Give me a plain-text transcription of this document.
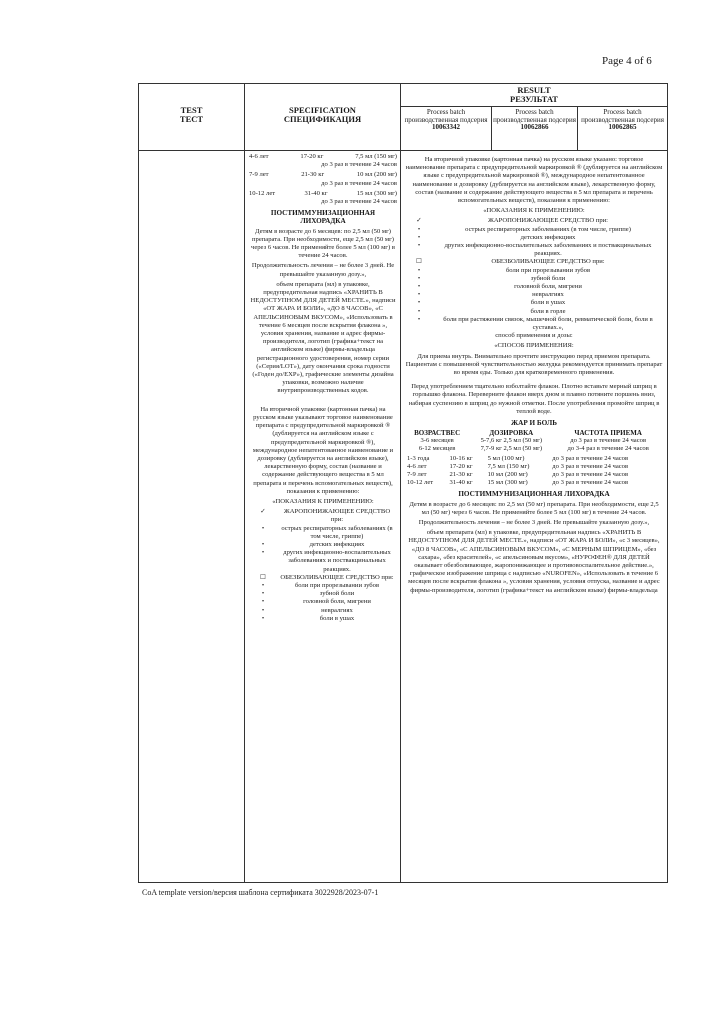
Page 4 of 6
TEST
ТЕСТ
SPECIFICATION
СПЕЦИФИКАЦИЯ
RESULT
РЕЗУЛЬТАТ
Process batch
производственная подсерия
10063342
Process batch
производственная подсерия
10062866
Process batch
производственная подсерия
10062865
4-6 лет	17-20 кг	7,5 мл (150 мг)

до 3 раз в течение 24 часов

7-9 лет	21-30 кг	10 мл (200 мг)

до 3 раз в течение 24 часов

10-12 лет	31-40 кг	15 мл (300 мг)

до 3 раз в течение 24 часов

ПОСТИММУНИЗАЦИОННАЯ ЛИХОРАДКА

Детям в возрасте до 6 месяцев: по 2,5 мл (50 мг) препарата. При необходимости, еще 2,5 мл (50 мг) через 6 часов. Не применяйте более 5 мл (100 мг) в течение 24 часов.

Продолжительность лечения – не более 3 дней. Не превышайте указанную дозу.»,

объем препарата (мл) в упаковке, предупредительная надпись «ХРАНИТЬ В НЕДОСТУПНОМ ДЛЯ ДЕТЕЙ МЕСТЕ.», надписи «ОТ ЖАРА И БОЛИ», «ДО 8 ЧАСОВ», «С АПЕЛЬСИНОВЫМ ВКУСОМ», «Использовать в течение 6 месяцев после вскрытия флакона », условия хранения, название и адрес фирмы-производителя, логотип (графика+текст на английском языке) фирмы-владельца регистрационного удостоверения, номер серии («Серия/LOT»), дату окончания срока годности («Годен до/EXP»), графические элементы дизайна упаковки, возможно наличие внутрипроизводственных кодов.

На вторичной упаковке (картонная пачка) на русском языке указывают торговое наименование препарата с предупредительной маркировкой ® (дублируется на английском языке с предупредительной маркировкой ®), международное непатентованное наименование и дозировку (дублируется на английском языке), лекарственную форму, состав (название и содержание действующего вещества в 5 мл препарата и перечень вспомогательных веществ), показания к применению:

«ПОКАЗАНИЯ К ПРИМЕНЕНИЮ:

✓	ЖАРОПОНИЖАЮЩЕЕ СРЕДСТВО при:
•	острых респираторных заболеваниях (в том числе, гриппе)
•	детских инфекциях
•	других инфекционно-воспалительных заболеваниях и поствакцинальных реакциях.
☐	ОБЕЗБОЛИВАЮЩЕЕ СРЕДСТВО при:
•	боли при прорезывании зубов
•	зубной боли
•	головной боли, мигрени
•	невралгиях
•	боли в ушах

На вторичной упаковке (картонная пачка) на русском языке указано: торговое наименование препарата с предупредительной маркировкой ® (дублируется на английском языке с предупредительной маркировкой ®), международное непатентованное наименование и дозировку (дублируется на английском языке), лекарственную форму, состав (название и содержание действующего вещества в 5 мл препарата и перечень вспомогательных веществ), показания к применению:

«ПОКАЗАНИЯ К ПРИМЕНЕНИЮ:

✓	ЖАРОПОНИЖАЮЩЕЕ СРЕДСТВО при:
•	острых респираторных заболеваниях (в том числе, гриппе)
•	детских инфекциях
•	других инфекционно-воспалительных заболеваниях и поствакцинальных реакциях.
☐	ОБЕЗБОЛИВАЮЩЕЕ СРЕДСТВО при:
•	боли при прорезывании зубов
•	зубной боли
•	головной боли, мигрени
•	невралгиях
•	боли в ушах
•	боли в горле
•	боли при растяжении связок, мышечной боли, ревматической боли, боли в суставах.»,

способ применения и дозы:

«СПОСОБ ПРИМЕНЕНИЯ:

Для приема внутрь. Внимательно прочтите инструкцию перед приемом препарата. Пациентам с повышенной чувствительностью желудка рекомендуется принимать препарат во время еды. Только для кратковременного применения.

Перед употреблением тщательно взболтайте флакон. Плотно вставьте мерный шприц в горлышко флакона. Переверните флакон вверх дном и плавно потяните поршень вниз, набирая суспензию в шприц до нужной отметки. После употребления промойте шприц в теплой воде.

ЖАР И БОЛЬ
ВОЗРАСТВЕС	ДОЗИРОВКА	ЧАСТОТА ПРИЕМА
3-6 месяцев	5-7,6 кг 2,5 мл (50 мг)	до 3 раз в течение 24 часов
6-12 месяцев	7,7-9 кг 2,5 мл (50 мг)	до 3-4 раз в течение 24 часов
1-3 года	10-16 кг	5 мл (100 мг)	до 3 раз в течение 24 часов
4-6 лет	17-20 кг	7,5 мл (150 мг)	до 3 раз в течение 24 часов
7-9 лет	21-30 кг	10 мл (200 мг)	до 3 раз в течение 24 часов
10-12 лет	31-40 кг	15 мл (300 мг)	до 3 раз в течение 24 часов
ПОСТИММУНИЗАЦИОННАЯ ЛИХОРАДКА

Детям в возрасте до 6 месяцев: по 2,5 мл (50 мг) препарата. При необходимости, еще 2,5 мл (50 мг) через 6 часов. Не применяйте более 5 мл (100 мг) в течение 24 часов.

Продолжительность лечения – не более 3 дней. Не превышайте указанную дозу.»,

объем препарата (мл) в упаковке, предупредительная надпись «ХРАНИТЬ В НЕДОСТУПНОМ ДЛЯ ДЕТЕЙ МЕСТЕ.», надписи «ОТ ЖАРА И БОЛИ», «с 3 месяцев», «ДО 8 ЧАСОВ», «С АПЕЛЬСИНОВЫМ ВКУСОМ», «С МЕРНЫМ ШПРИЦЕМ», «без сахара», «без красителей», «с апельсиновым вкусом», «НУРОФЕН® ДЛЯ ДЕТЕЙ оказывает обезболивающее, жаропонижающее и противовоспалительное действие.», графическое изображение шприца с надписью «NUROFEN», «Использовать в течение 6 месяцев после вскрытия флакона », условия хранения, условия отпуска, название и адрес фирмы-производителя, логотип (графика+текст на английском языке) фирмы-владельца

CoA template version/версия шаблона сертификата 3022928/2023-07-1
